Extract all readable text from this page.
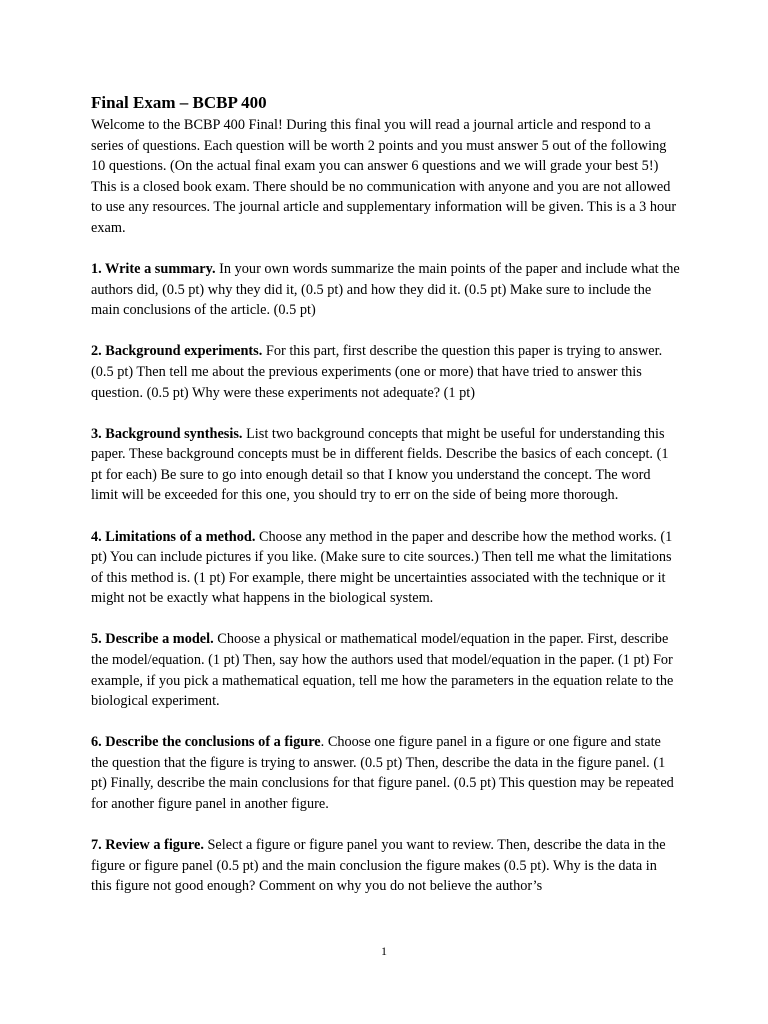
Final Exam – BCBP 400

Welcome to the BCBP 400 Final! During this final you will read a journal article and respond to a series of questions. Each question will be worth 2 points and you must answer 5 out of the following 10 questions. (On the actual final exam you can answer 6 questions and we will grade your best 5!) This is a closed book exam. There should be no communication with anyone and you are not allowed to use any resources. The journal article and supplementary information will be given. This is a 3 hour exam.

1. Write a summary. In your own words summarize the main points of the paper and include what the authors did, (0.5 pt) why they did it, (0.5 pt) and how they did it. (0.5 pt) Make sure to include the main conclusions of the article. (0.5 pt)

2. Background experiments. For this part, first describe the question this paper is trying to answer. (0.5 pt) Then tell me about the previous experiments (one or more) that have tried to answer this question. (0.5 pt) Why were these experiments not adequate? (1 pt)

3. Background synthesis. List two background concepts that might be useful for understanding this paper. These background concepts must be in different fields. Describe the basics of each concept. (1 pt for each) Be sure to go into enough detail so that I know you understand the concept. The word limit will be exceeded for this one, you should try to err on the side of being more thorough.

4. Limitations of a method. Choose any method in the paper and describe how the method works. (1 pt) You can include pictures if you like. (Make sure to cite sources.) Then tell me what the limitations of this method is. (1 pt) For example, there might be uncertainties associated with the technique or it might not be exactly what happens in the biological system.

5. Describe a model. Choose a physical or mathematical model/equation in the paper. First, describe the model/equation. (1 pt) Then, say how the authors used that model/equation in the paper. (1 pt) For example, if you pick a mathematical equation, tell me how the parameters in the equation relate to the biological experiment.

6. Describe the conclusions of a figure. Choose one figure panel in a figure or one figure and state the question that the figure is trying to answer. (0.5 pt) Then, describe the data in the figure panel. (1 pt) Finally, describe the main conclusions for that figure panel. (0.5 pt) This question may be repeated for another figure panel in another figure.

7. Review a figure. Select a figure or figure panel you want to review. Then, describe the data in the figure or figure panel (0.5 pt) and the main conclusion the figure makes (0.5 pt). Why is the data in this figure not good enough? Comment on why you do not believe the author’s

1
